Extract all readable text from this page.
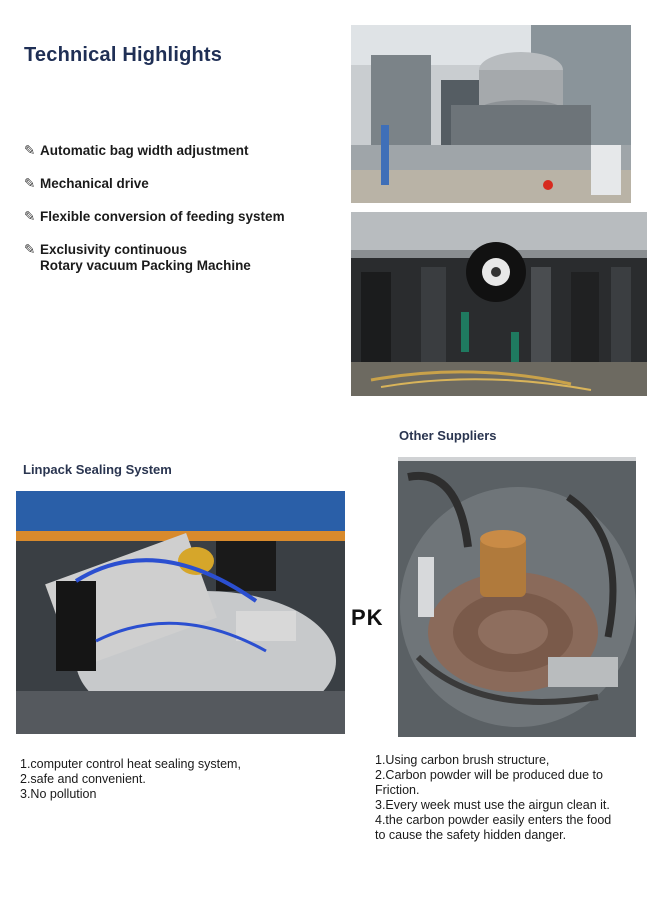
Technical Highlights
✎ Automatic bag width adjustment
✎ Mechanical drive
✎ Flexible conversion of feeding system
✎ Exclusivity continuous
Rotary vacuum Packing Machine
Linpack Sealing System
Other Suppliers
PK
1.computer control heat sealing system,
2.safe and convenient.
3.No pollution
1.Using carbon brush structure,
2.Carbon powder will be produced due to
Friction.
3.Every week must use the airgun clean it.
4.the carbon powder easily enters the food
to cause the safety hidden danger.
